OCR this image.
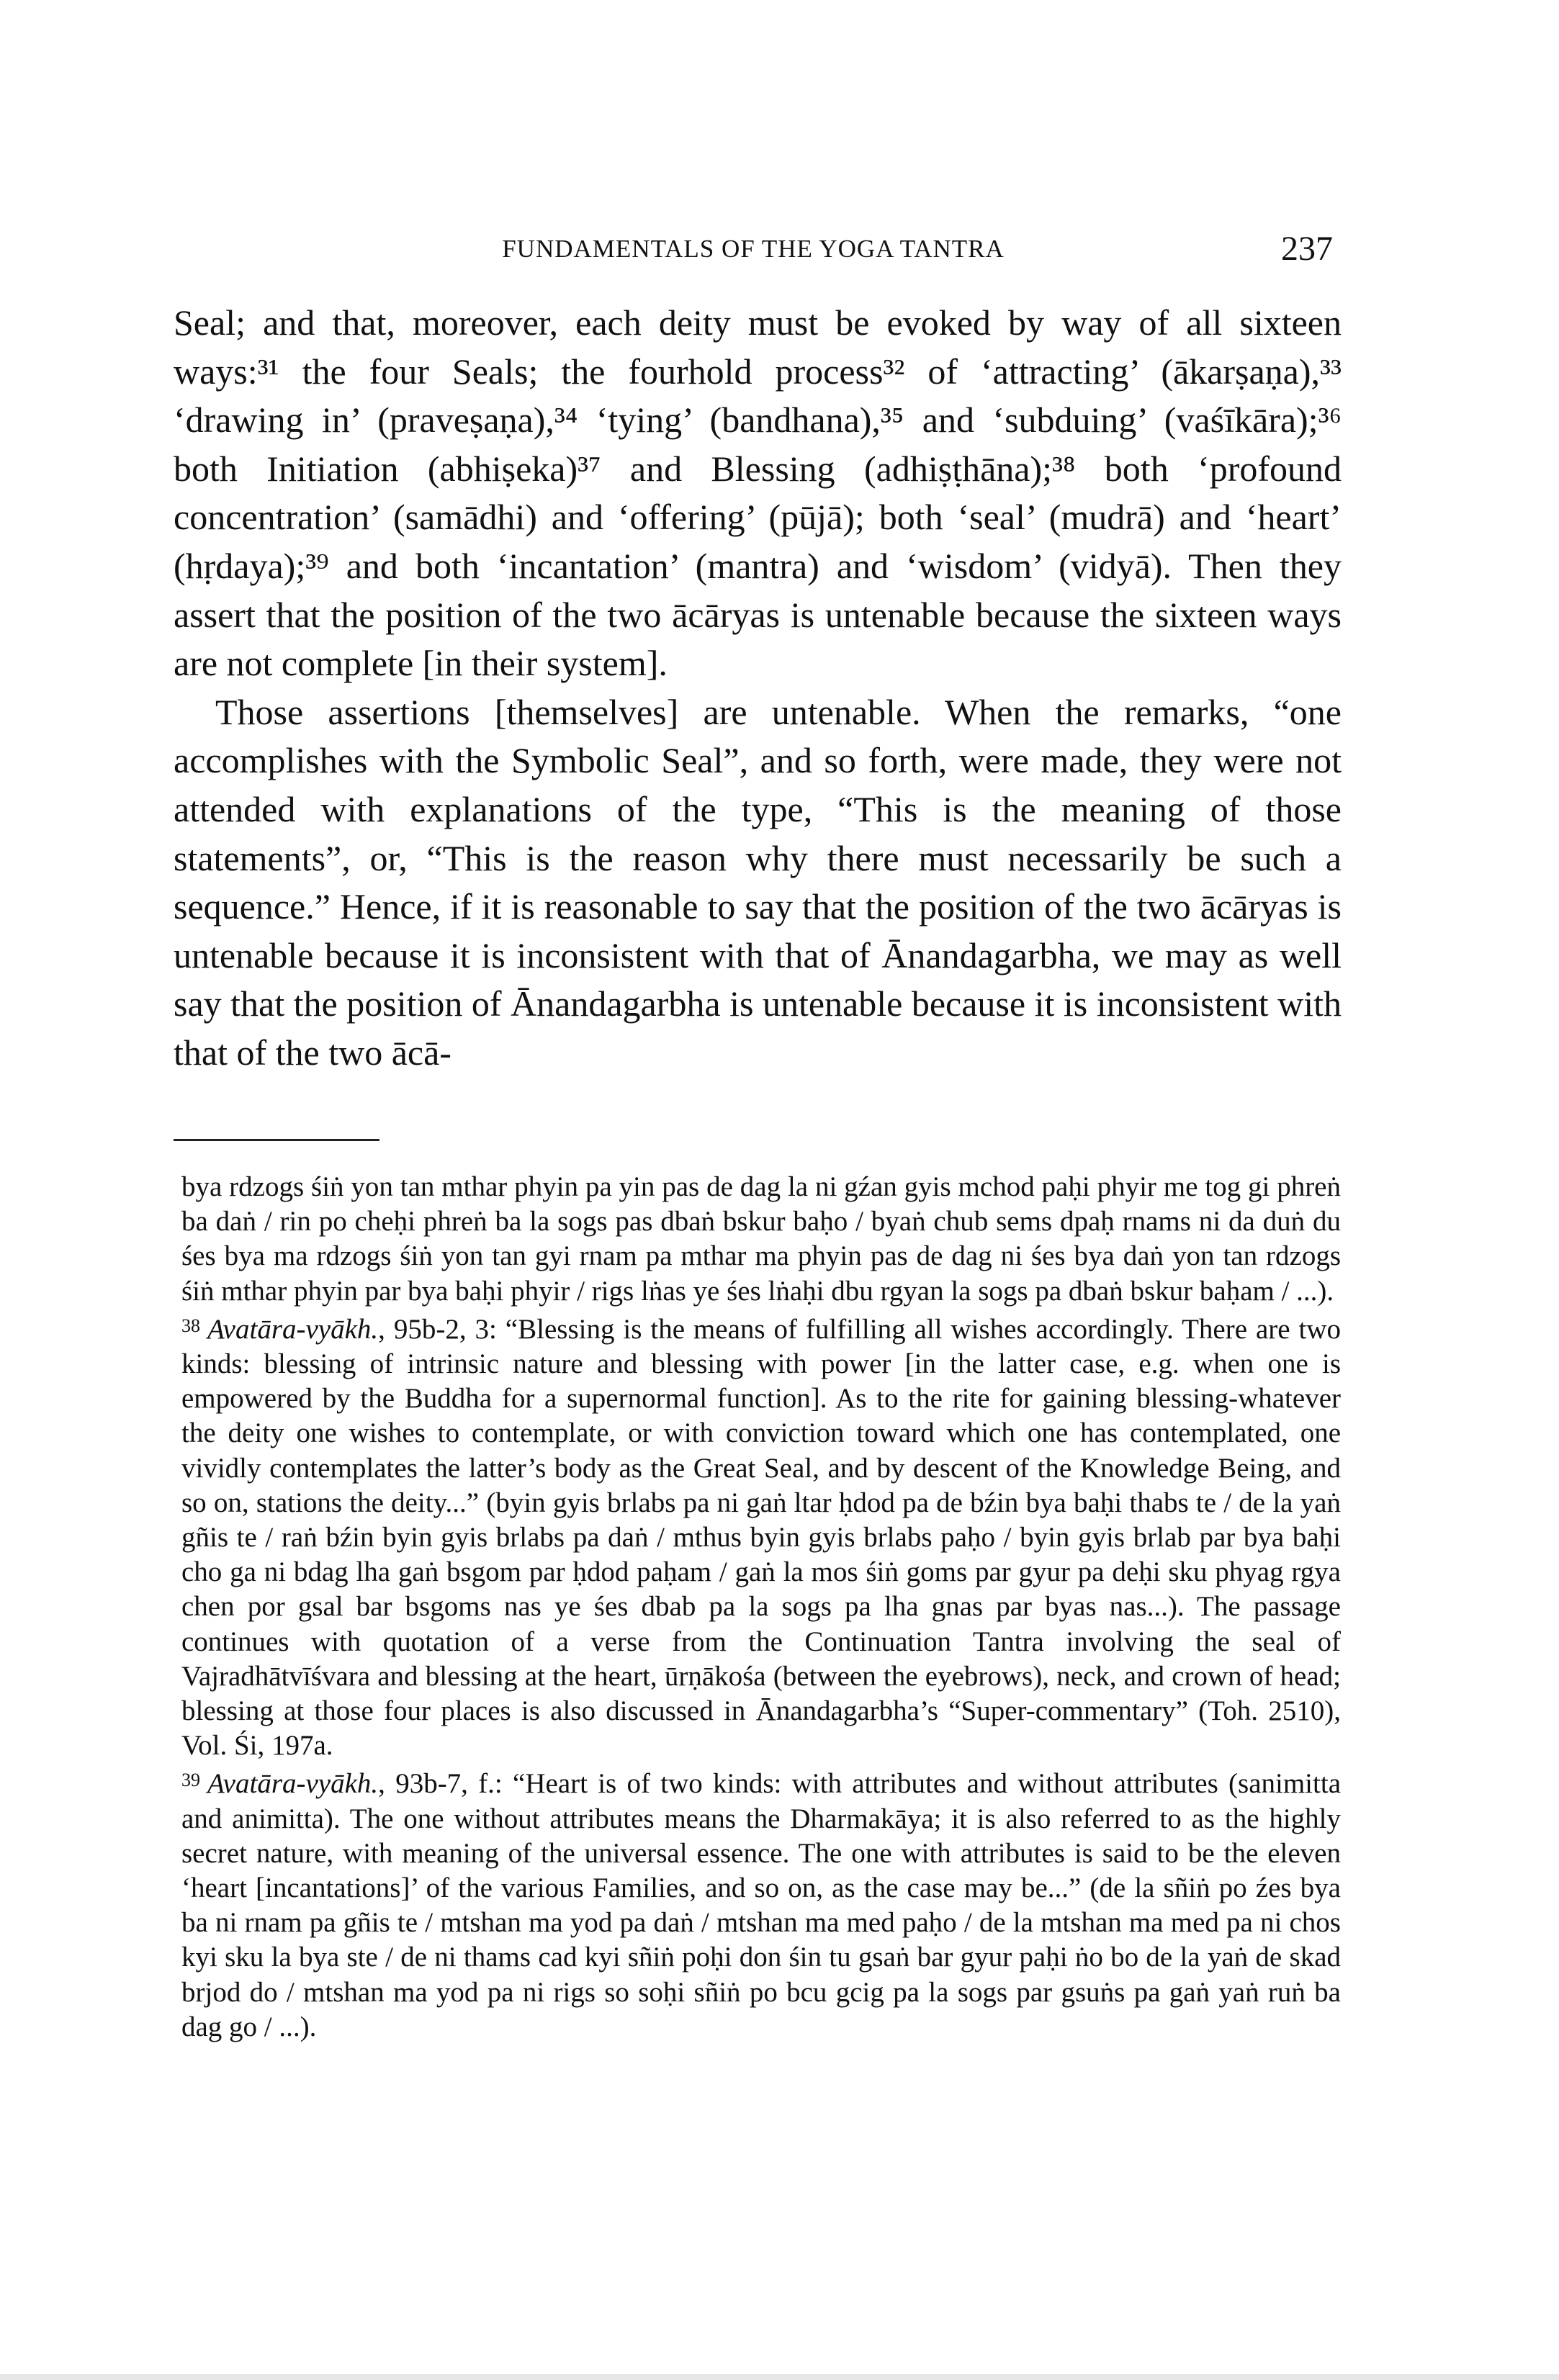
FUNDAMENTALS OF THE YOGA TANTRA	237

Seal; and that, moreover, each deity must be evoked by way of all sixteen ways:³¹ the four Seals; the fourhold process³² of ‘attracting’ (ākarṣaṇa),³³ ‘drawing in’ (praveṣaṇa),³⁴ ‘tying’ (bandhana),³⁵ and ‘subduing’ (vaśīkāra);³⁶ both Initiation (abhiṣeka)³⁷ and Blessing (adhiṣṭhāna);³⁸ both ‘profound concentration’ (samādhi) and ‘offering’ (pūjā); both ‘seal’ (mudrā) and ‘heart’ (hṛdaya);³⁹ and both ‘incantation’ (mantra) and ‘wisdom’ (vidyā). Then they assert that the position of the two ācāryas is untenable because the sixteen ways are not complete [in their system].

Those assertions [themselves] are untenable. When the remarks, “one accomplishes with the Symbolic Seal”, and so forth, were made, they were not attended with explanations of the type, “This is the meaning of those statements”, or, “This is the reason why there must necessarily be such a sequence.” Hence, if it is reasonable to say that the position of the two ācāryas is untenable because it is inconsistent with that of Ānandagarbha, we may as well say that the position of Ānandagarbha is untenable because it is inconsistent with that of the two ācā-

bya rdzogs śiṅ yon tan mthar phyin pa yin pas de dag la ni gźan gyis mchod paḥi phyir me tog gi phreṅ ba daṅ / rin po cheḥi phreṅ ba la sogs pas dbaṅ bskur baḥo / byaṅ chub sems dpaḥ rnams ni da duṅ du śes bya ma rdzogs śiṅ yon tan gyi rnam pa mthar ma phyin pas de dag ni śes bya daṅ yon tan rdzogs śiṅ mthar phyin par bya baḥi phyir / rigs lṅas ye śes lṅaḥi dbu rgyan la sogs pa dbaṅ bskur baḥam / ...).

$^{38}$ Avatāra-vyākh., 95b-2, 3: “Blessing is the means of fulfilling all wishes accordingly. There are two kinds: blessing of intrinsic nature and blessing with power [in the latter case, e.g. when one is empowered by the Buddha for a supernormal function]. As to the rite for gaining blessing-whatever the deity one wishes to contemplate, or with conviction toward which one has contemplated, one vividly contemplates the latter’s body as the Great Seal, and by descent of the Knowledge Being, and so on, stations the deity...” (byin gyis brlabs pa ni gaṅ ltar ḥdod pa de bźin bya baḥi thabs te / de la yaṅ gñis te / raṅ bźin byin gyis brlabs pa daṅ / mthus byin gyis brlabs paḥo / byin gyis brlab par bya baḥi cho ga ni bdag lha gaṅ bsgom par ḥdod paḥam / gaṅ la mos śiṅ goms par gyur pa deḥi sku phyag rgya chen por gsal bar bsgoms nas ye śes dbab pa la sogs pa lha gnas par byas nas...). The passage continues with quotation of a verse from the Continuation Tantra involving the seal of Vajradhātvīśvara and blessing at the heart, ūrṇākośa (between the eyebrows), neck, and crown of head; blessing at those four places is also discussed in Ānandagarbha’s “Super-commentary” (Toh. 2510), Vol. Śi, 197a.

$^{39}$ Avatāra-vyākh., 93b-7, f.: “Heart is of two kinds: with attributes and without attributes (sanimitta and animitta). The one without attributes means the Dharmakāya; it is also referred to as the highly secret nature, with meaning of the universal essence. The one with attributes is said to be the eleven ‘heart [incantations]’ of the various Families, and so on, as the case may be...” (de la sñiṅ po źes bya ba ni rnam pa gñis te / mtshan ma yod pa daṅ / mtshan ma med paḥo / de la mtshan ma med pa ni chos kyi sku la bya ste / de ni thams cad kyi sñiṅ poḥi don śin tu gsaṅ bar gyur paḥi ṅo bo de la yaṅ de skad brjod do / mtshan ma yod pa ni rigs so soḥi sñiṅ po bcu gcig pa la sogs par gsuṅs pa gaṅ yaṅ ruṅ ba dag go / ...).
